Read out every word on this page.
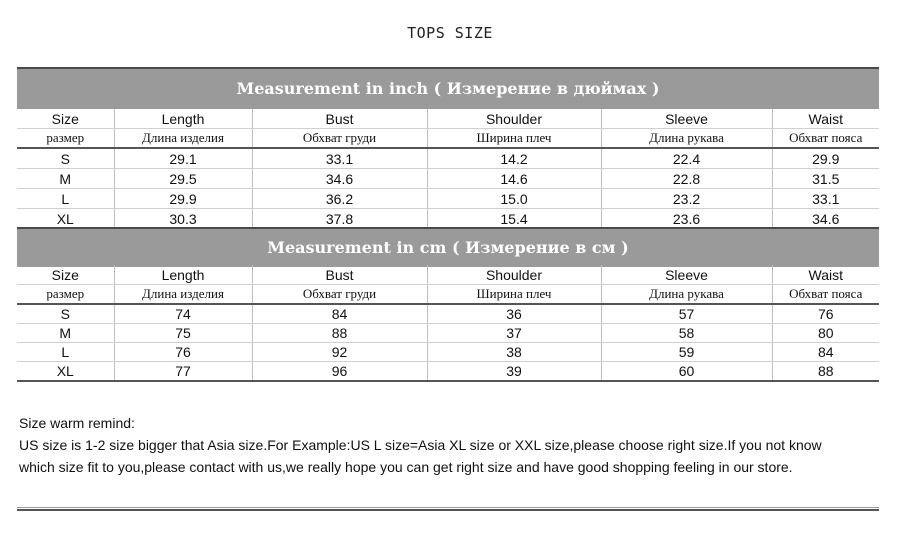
TOPS SIZE
Measurement in inch ( Измерение в дюймах )
Size	Length	Bust	Shoulder	Sleeve	Waist
размер	Длина изделия	Обхват груди	Ширина плеч	Длина рукава	Обхват пояса
S	29.1	33.1	14.2	22.4	29.9
M	29.5	34.6	14.6	22.8	31.5
L	29.9	36.2	15.0	23.2	33.1
XL	30.3	37.8	15.4	23.6	34.6
Measurement in cm ( Измерение в см )
Size	Length	Bust	Shoulder	Sleeve	Waist
размер	Длина изделия	Обхват груди	Ширина плеч	Длина рукава	Обхват пояса
S	74	84	36	57	76
M	75	88	37	58	80
L	76	92	38	59	84
XL	77	96	39	60	88
Size warm remind:
US size is 1-2 size bigger that Asia size.For Example:US L size=Asia XL size or XXL size,please choose right size.If you not know
which size fit to you,please contact with us,we really hope you can get right size and have good shopping feeling in our store.
